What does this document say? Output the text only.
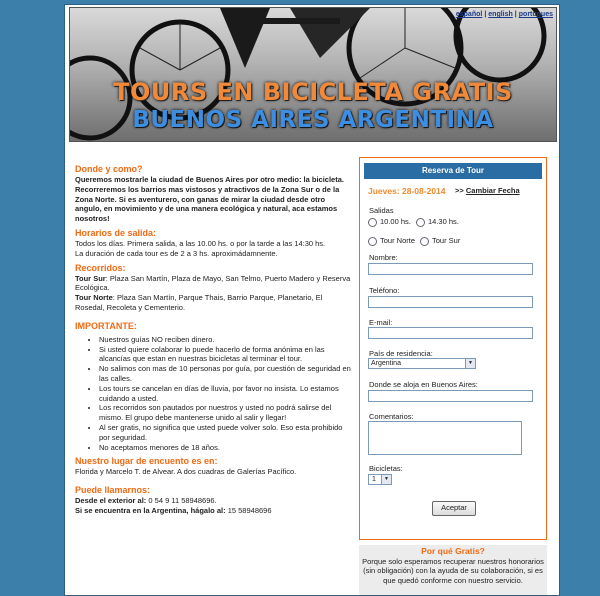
TOURS EN BICICLETA GRATIS
BUENOS AIRES ARGENTINA
español | english | portugues
Donde y como?

Queremos mostrarle la ciudad de Buenos Aires por otro medio: la bicicleta. Recorreremos los barrios mas vistosos y atractivos de la Zona Sur o de la Zona Norte. Si es aventurero, con ganas de mirar la ciudad desde otro angulo, en movimiento y de una manera ecológica y natural, aca estamos nosotros!

Horarios de salida:

Todos los días. Primera salida, a las 10.00 hs. o por la tarde a las 14:30 hs.

La duración de cada tour es de 2 a 3 hs. aproximádamnente.

Recorridos:

Tour Sur: Plaza San Martín, Plaza de Mayo, San Telmo, Puerto Madero y Reserva Ecológica.

Tour Norte: Plaza San Martín, Parque Thais, Barrio Parque, Planetario, El Rosedal, Recoleta y Cementerio.

IMPORTANTE:
• Nuestros guías NO reciben dinero.
• Si usted quiere colaborar lo puede hacerlo de forma anónima en las alcancías que estan en nuestras bicicletas al terminar el tour.
• No salimos con mas de 10 personas por guía, por cuestión de seguridad en las calles.
• Los tours se cancelan en días de lluvia, por favor no insista. Lo estamos cuidando a usted.
• Los recorridos son pautados por nuestros y usted no podrá salirse del mismo. El grupo debe mantenerse unido al salir y llegar!
• Al ser gratis, no significa que usted puede volver solo. Eso esta prohibido por seguridad.
• No aceptamos menores de 18 años.
Nuestro lugar de encuento es en:

Florida y Marcelo T. de Alvear. A dos cuadras de Galerías Pacífico.

Puede llamarnos:

Desde el exterior al: 0 54 9 11 58948696.

Si se encuentra en la Argentina, hágalo al: 15 58948696

Reserva de Tour
Jueves: 28-08-2014 >> Cambiar Fecha
Salidas
10.00 hs.	14.30 hs.
Tour Norte	Tour Sur
Nombre:
Teléfono:
E-mail:
País de residencia:
Argentina	▼
Donde se aloja en Buenos Aires:
Comentarios:
Bicicletas:
1	▼
Aceptar
Por qué Gratis?
Porque solo esperamos recuperar nuestros honorarios (sin obligación) con la ayuda de su colaboración, si es que quedó conforme con nuestro servicio.
